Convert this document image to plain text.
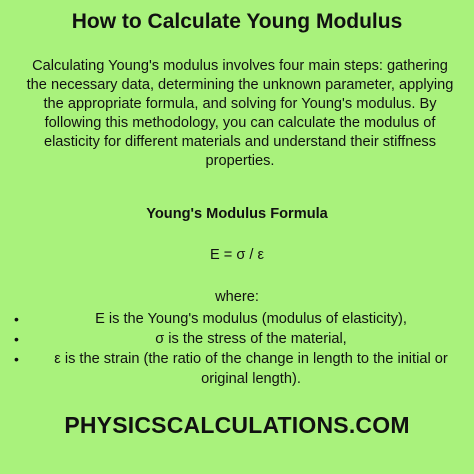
How to Calculate Young Modulus
Calculating Young's modulus involves four main steps: gathering the necessary data, determining the unknown parameter, applying the appropriate formula, and solving for Young's modulus. By following this methodology, you can calculate the modulus of elasticity for different materials and understand their stiffness properties.
Young's Modulus Formula
E = σ / ε
where:
•	E is the Young's modulus (modulus of elasticity),
•	σ is the stress of the material,
• ε is the strain (the ratio of the change in length to the initial or original length).
PHYSICSCALCULATIONS.COM
